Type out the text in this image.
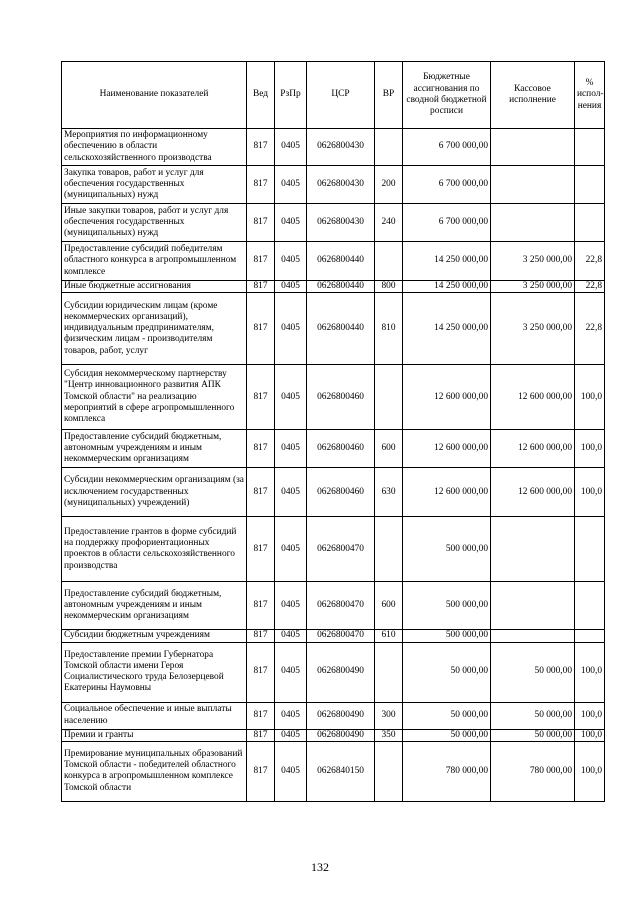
Наименование показателей	Вед	РзПр	ЦСР	ВР	Бюджетные ассигнования по сводной бюджетной росписи	Кассовое исполнение	% испол-нения
Мероприятия по информационному обеспечению в области сельскохозяйственного производства	817	0405	0626800430		6 700 000,00		
Закупка товаров, работ и услуг для обеспечения государственных (муниципальных) нужд	817	0405	0626800430	200	6 700 000,00		
Иные закупки товаров, работ и услуг для обеспечения государственных (муниципальных) нужд	817	0405	0626800430	240	6 700 000,00		
Предоставление субсидий победителям областного конкурса в агропромышленном комплексе	817	0405	0626800440		14 250 000,00	3 250 000,00	22,8
Иные бюджетные ассигнования	817	0405	0626800440	800	14 250 000,00	3 250 000,00	22,8
Субсидии юридическим лицам (кроме некоммерческих организаций), индивидуальным предпринимателям, физическим лицам - производителям товаров, работ, услуг	817	0405	0626800440	810	14 250 000,00	3 250 000,00	22,8
Субсидия некоммерческому партнерству "Центр инновационного развития АПК Томской области" на реализацию мероприятий в сфере агропромышленного комплекса	817	0405	0626800460		12 600 000,00	12 600 000,00	100,0
Предоставление субсидий бюджетным, автономным учреждениям и иным некоммерческим организациям	817	0405	0626800460	600	12 600 000,00	12 600 000,00	100,0
Субсидии некоммерческим организациям (за исключением государственных (муниципальных) учреждений)	817	0405	0626800460	630	12 600 000,00	12 600 000,00	100,0
Предоставление грантов в форме субсидий на поддержку профориентационных проектов в области сельскохозяйственного производства	817	0405	0626800470		500 000,00		
Предоставление субсидий бюджетным, автономным учреждениям и иным некоммерческим организациям	817	0405	0626800470	600	500 000,00		
Субсидии бюджетным учреждениям	817	0405	0626800470	610	500 000,00		
Предоставление премии Губернатора Томской области имени Героя Социалистического труда Белозерцевой Екатерины Наумовны	817	0405	0626800490		50 000,00	50 000,00	100,0
Социальное обеспечение и иные выплаты населению	817	0405	0626800490	300	50 000,00	50 000,00	100,0
Премии и гранты	817	0405	0626800490	350	50 000,00	50 000,00	100,0
Премирование муниципальных образований Томской области - победителей областного конкурса в агропромышленном комплексе Томской области	817	0405	0626840150		780 000,00	780 000,00	100,0
132
